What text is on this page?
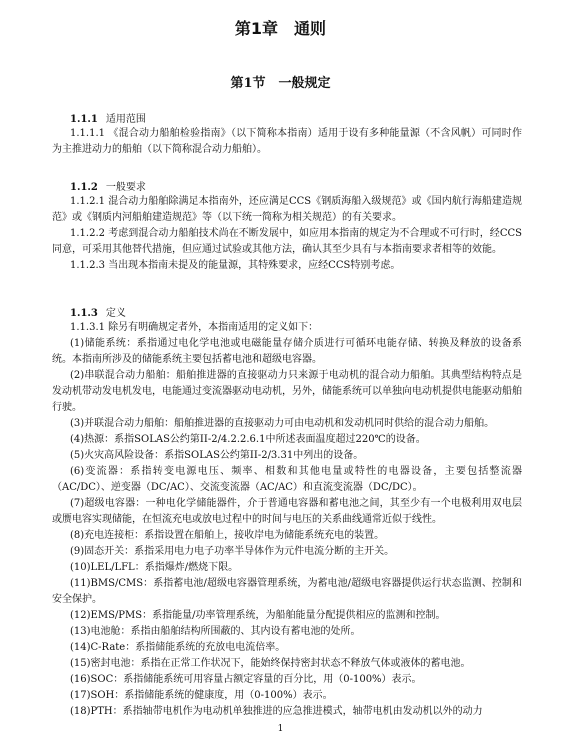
第1章　通则
第1节　一般规定
1.1.1 适用范围

1.1.1.1 《混合动力船舶检验指南》（以下简称本指南）适用于设有多种能量源（不含风帆）可同时作为主推进动力的船舶（以下简称混合动力船舶）。

1.1.2 一般要求

1.1.2.1 混合动力船舶除满足本指南外，还应满足CCS《钢质海船入级规范》或《国内航行海船建造规范》或《钢质内河船舶建造规范》等（以下统一简称为相关规范）的有关要求。

1.1.2.2 考虑到混合动力船舶技术尚在不断发展中，如应用本指南的规定为不合理或不可行时，经CCS同意，可采用其他替代措施，但应通过试验或其他方法，确认其至少具有与本指南要求者相等的效能。

1.1.2.3 当出现本指南未提及的能量源，其特殊要求，应经CCS特别考虑。

1.1.3 定义

1.1.3.1 除另有明确规定者外，本指南适用的定义如下：

(1)储能系统：系指通过电化学电池或电磁能量存储介质进行可循环电能存储、转换及释放的设备系统。本指南所涉及的储能系统主要包括蓄电池和超级电容器。

(2)串联混合动力船舶：船舶推进器的直接驱动力只来源于电动机的混合动力船舶。其典型结构特点是发动机带动发电机发电，电能通过变流器驱动电动机，另外，储能系统可以单独向电动机提供电能驱动船舶行驶。

(3)并联混合动力船舶：船舶推进器的直接驱动力可由电动机和发动机同时供给的混合动力船舶。

(4)热源：系指SOLAS公约第II-2/4.2.2.6.1中所述表面温度超过220℃的设备。

(5)火灾高风险设备：系指SOLAS公约第II-2/3.31中列出的设备。

(6)变流器：系指转变电源电压、频率、相数和其他电量或特性的电器设备，主要包括整流器（AC/DC）、逆变器（DC/AC）、交流变流器（AC/AC）和直流变流器（DC/DC）。

(7)超级电容器：一种电化学储能器件，介于普通电容器和蓄电池之间，其至少有一个电极利用双电层或赝电容实现储能，在恒流充电或放电过程中的时间与电压的关系曲线通常近似于线性。

(8)充电连接柜：系指设置在船舶上，接收岸电为储能系统充电的装置。

(9)固态开关：系指采用电力电子功率半导体作为元件电流分断的主开关。

(10)LEL/LFL：系指爆炸/燃烧下限。

(11)BMS/CMS：系指蓄电池/超级电容器管理系统，为蓄电池/超级电容器提供运行状态监测、控制和安全保护。

(12)EMS/PMS：系指能量/功率管理系统，为船舶能量分配提供相应的监测和控制。

(13)电池舱：系指由船舶结构所围蔽的、其内设有蓄电池的处所。

(14)C-Rate：系指储能系统的充放电电流倍率。

(15)密封电池：系指在正常工作状况下，能始终保持密封状态不释放气体或液体的蓄电池。

(16)SOC：系指储能系统可用容量占额定容量的百分比，用（0-100%）表示。

(17)SOH：系指储能系统的健康度，用（0-100%）表示。

(18)PTH：系指轴带电机作为电动机单独推进的应急推进模式，轴带电机由发动机以外的动力

1
